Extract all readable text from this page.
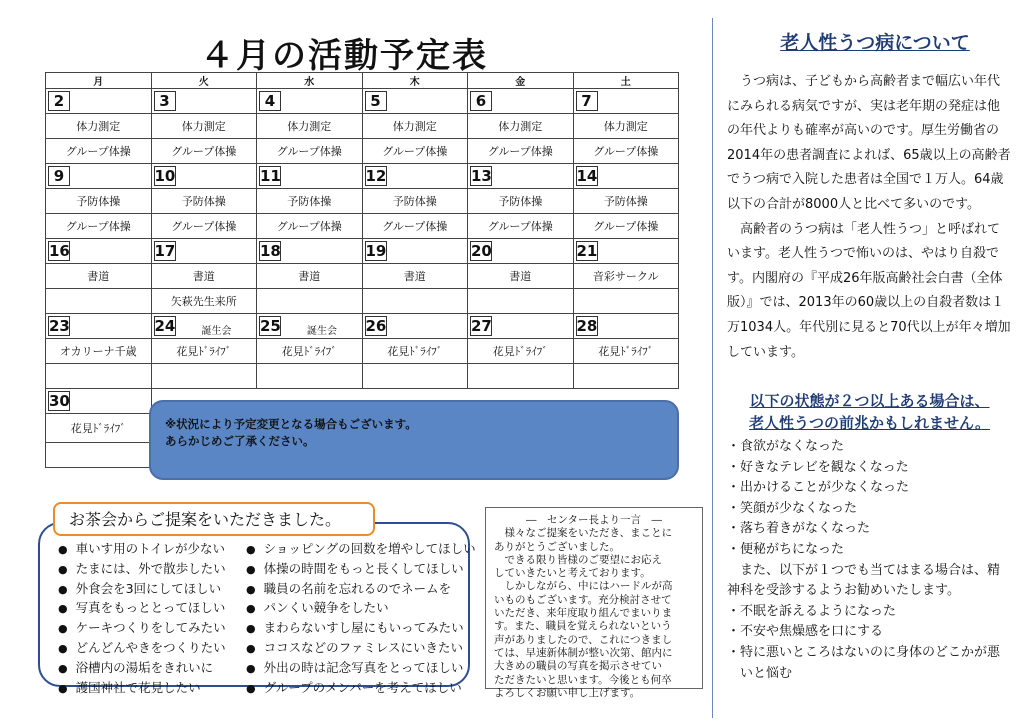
４月の活動予定表
月	火	水	木	金	土
2	3	4	5	6	7
体力測定	体力測定	体力測定	体力測定	体力測定	体力測定
グループ体操	グループ体操	グループ体操	グループ体操	グループ体操	グループ体操
9	10	11	12	13	14
予防体操	予防体操	予防体操	予防体操	予防体操	予防体操
グループ体操	グループ体操	グループ体操	グループ体操	グループ体操	グループ体操
16	17	18	19	20	21
書道	書道	書道	書道	書道	音彩サークル
	矢萩先生来所				
23	24 誕生会	25 誕生会	26	27	28
オカリーナ千歳	花見ﾄﾞﾗｲﾌﾞ	花見ﾄﾞﾗｲﾌﾞ	花見ﾄﾞﾗｲﾌﾞ	花見ﾄﾞﾗｲﾌﾞ	花見ﾄﾞﾗｲﾌﾞ

30					
花見ﾄﾞﾗｲﾌﾞ					
		※状況により予定変更となる場合もございます。
あらかじめご了承ください。
お茶会からご提案をいただきました。
● 車いす用のトイレが少ない
● たまには、外で散歩したい
● 外食会を3回にしてほしい
● 写真をもっととってほしい
● ケーキつくりをしてみたい
● どんどんやきをつくりたい
● 浴槽内の湯垢をきれいに
● 護国神社で花見したい
● ショッピングの回数を増やしてほしい
● 体操の時間をもっと長くしてほしい
● 職員の名前を忘れるのでネームを
● パンくい競争をしたい
● まわらないすし屋にもいってみたい
● ココスなどのファミレスにいきたい
● 外出の時は記念写真をとってほしい
● グループのメンバーを考えてほしい
―　センター長より一言　―
　様々なご提案をいただき、まことに
ありがとうございました。
　できる限り皆様のご要望にお応え
していきたいと考えております。
　しかしながら、中にはハードルが高
いものもございます。充分検討させて
いただき、来年度取り組んでまいりま
す。また、職員を覚えられないという
声がありましたので、これにつきまし
ては、早速新体制が整い次第、館内に
大きめの職員の写真を掲示させてい
ただきたいと思います。今後とも何卒
よろしくお願い申し上げます。
老人性うつ病について

うつ病は、子どもから高齢者まで幅広い年代にみられる病気ですが、実は老年期の発症は他の年代よりも確率が高いのです。厚生労働省の2014年の患者調査によれば、65歳以上の高齢者でうつ病で入院した患者は全国で１万人。64歳以下の合計が8000人と比べて多いのです。

高齢者のうつ病は「老人性うつ」と呼ばれています。老人性うつで怖いのは、やはり自殺です。内閣府の『平成26年版高齢社会白書（全体版）』では、2013年の60歳以上の自殺者数は１万1034人。年代別に見ると70代以上が年々増加しています。

以下の状態が２つ以上ある場合は、
老人性うつの前兆かもしれません。
・ 食欲がなくなった
・ 好きなテレビを観なくなった
・ 出かけることが少なくなった
・ 笑顔が少なくなった
・ 落ち着きがなくなった
・ 便秘がちになった
　また、以下が１つでも当てはまる場合は、精神科を受診するようお勧めいたします。
・ 不眠を訴えるようになった
・ 不安や焦燥感を口にする
・ 特に悪いところはないのに身体のどこかが悪いと悩む
